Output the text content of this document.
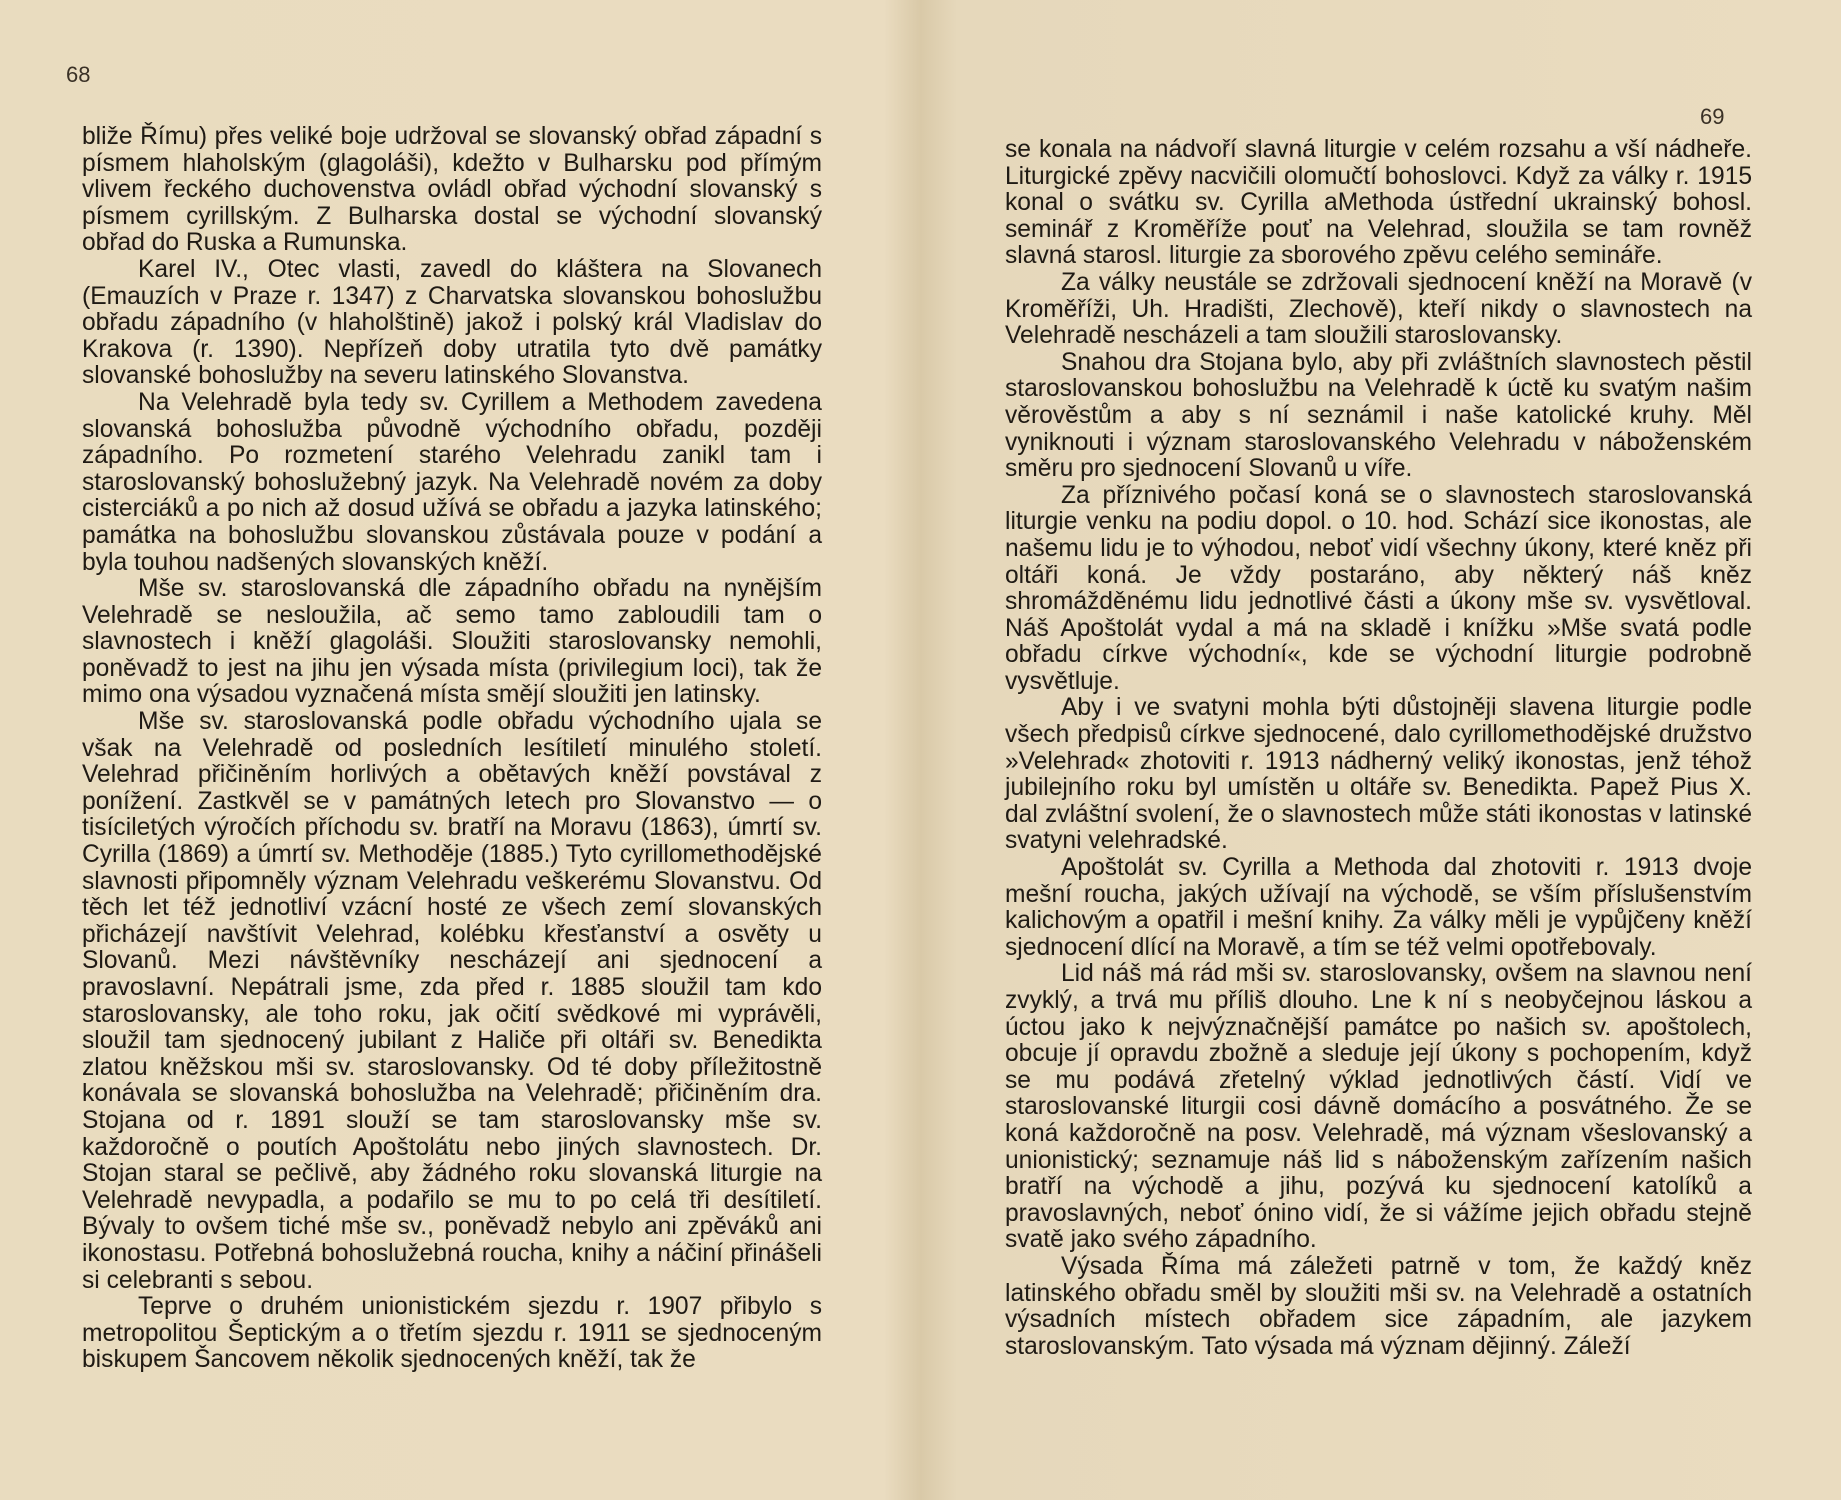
68

bliže Římu) přes veliké boje udržoval se slovanský obřad západní s písmem hlaholským (glagoláši), kdežto v Bulharsku pod přímým vlivem řeckého duchovenstva ovládl obřad východní slovanský s písmem cyrillským. Z Bulharska dostal se východní slovanský obřad do Ruska a Rumunska.

Karel IV., Otec vlasti, zavedl do kláštera na Slovanech (Emauzích v Praze r. 1347) z Charvatska slovanskou bohoslužbu obřadu západního (v hlaholštině) jakož i polský král Vladislav do Krakova (r. 1390). Nepřízeň doby utratila tyto dvě památky slovanské bohoslužby na severu latinského Slovanstva.

Na Velehradě byla tedy sv. Cyrillem a Methodem zavedena slovanská bohoslužba původně východního obřadu, později západního. Po rozmetení starého Velehradu zanikl tam i staroslovanský bohoslužebný jazyk. Na Velehradě novém za doby cisterciáků a po nich až dosud užívá se obřadu a jazyka latinského; památka na bohoslužbu slovanskou zůstávala pouze v podání a byla touhou nadšených slovanských kněží.

Mše sv. staroslovanská dle západního obřadu na nynějším Velehradě se nesloužila, ač semo tamo zabloudili tam o slavnostech i kněží glagoláši. Sloužiti staroslovansky nemohli, poněvadž to jest na jihu jen výsada místa (privilegium loci), tak že mimo ona výsadou vyznačená místa smějí sloužiti jen latinsky.

Mše sv. staroslovanská podle obřadu východního ujala se však na Velehradě od posledních lesítiletí minulého století. Velehrad přičiněním horlivých a obětavých kněží povstával z ponížení. Zastkvěl se v památných letech pro Slovanstvo — o tisíciletých výročích příchodu sv. bratří na Moravu (1863), úmrtí sv. Cyrilla (1869) a úmrtí sv. Methoděje (1885.) Tyto cyrillomethodějské slavnosti připomněly význam Velehradu veškerému Slovanstvu. Od těch let též jednotliví vzácní hosté ze všech zemí slovanských přicházejí navštívit Velehrad, kolébku křesťanství a osvěty u Slovanů. Mezi návštěvníky nescházejí ani sjednocení a pravoslavní. Nepátrali jsme, zda před r. 1885 sloužil tam kdo staroslovansky, ale toho roku, jak očití svědkové mi vyprávěli, sloužil tam sjednocený jubilant z Haliče při oltáři sv. Benedikta zlatou kněžskou mši sv. staroslovansky. Od té doby příležitostně konávala se slovanská bohoslužba na Velehradě; přičiněním dra. Stojana od r. 1891 slouží se tam staroslovansky mše sv. každoročně o poutích Apoštolátu nebo jiných slavnostech. Dr. Stojan staral se pečlivě, aby žádného roku slovanská liturgie na Velehradě nevypadla, a podařilo se mu to po celá tři desítiletí. Bývaly to ovšem tiché mše sv., poněvadž nebylo ani zpěváků ani ikonostasu. Potřebná bohoslužebná roucha, knihy a náčiní přinášeli si celebranti s sebou.

Teprve o druhém unionistickém sjezdu r. 1907 přibylo s metropolitou Šeptickým a o třetím sjezdu r. 1911 se sjednoceným biskupem Šancovem několik sjednocených kněží, tak že

69

se konala na nádvoří slavná liturgie v celém rozsahu a vší nádheře. Liturgické zpěvy nacvičili olomučtí bohoslovci. Když za války r. 1915 konal o svátku sv. Cyrilla aMethoda ústřední ukrainský bohosl. seminář z Kroměříže pouť na Velehrad, sloužila se tam rovněž slavná starosl. liturgie za sborového zpěvu celého semináře.

Za války neustále se zdržovali sjednocení kněží na Moravě (v Kroměříži, Uh. Hradišti, Zlechově), kteří nikdy o slavnostech na Velehradě nescházeli a tam sloužili staroslovansky.

Snahou dra Stojana bylo, aby při zvláštních slavnostech pěstil staroslovanskou bohoslužbu na Velehradě k úctě ku svatým našim věrověstům a aby s ní seznámil i naše katolické kruhy. Měl vyniknouti i význam staroslovanského Velehradu v náboženském směru pro sjednocení Slovanů u víře.

Za příznivého počasí koná se o slavnostech staroslovanská liturgie venku na podiu dopol. o 10. hod. Schází sice ikonostas, ale našemu lidu je to výhodou, neboť vidí všechny úkony, které kněz při oltáři koná. Je vždy postaráno, aby některý náš kněz shromážděnému lidu jednotlivé části a úkony mše sv. vysvětloval. Náš Apoštolát vydal a má na skladě i knížku »Mše svatá podle obřadu církve východní«, kde se východní liturgie podrobně vysvětluje.

Aby i ve svatyni mohla býti důstojněji slavena liturgie podle všech předpisů církve sjednocené, dalo cyrillomethodějské družstvo »Velehrad« zhotoviti r. 1913 nádherný veliký ikonostas, jenž téhož jubilejního roku byl umístěn u oltáře sv. Benedikta. Papež Pius X. dal zvláštní svolení, že o slavnostech může státi ikonostas v latinské svatyni velehradské.

Apoštolát sv. Cyrilla a Methoda dal zhotoviti r. 1913 dvoje mešní roucha, jakých užívají na východě, se vším příslušenstvím kalichovým a opatřil i mešní knihy. Za války měli je vypůjčeny kněží sjednocení dlící na Moravě, a tím se též velmi opotřebovaly.

Lid náš má rád mši sv. staroslovansky, ovšem na slavnou není zvyklý, a trvá mu příliš dlouho. Lne k ní s neobyčejnou láskou a úctou jako k nejvýznačnější památce po našich sv. apoštolech, obcuje jí opravdu zbožně a sleduje její úkony s pochopením, když se mu podává zřetelný výklad jednotlivých částí. Vidí ve staroslovanské liturgii cosi dávně domácího a posvátného. Že se koná každoročně na posv. Velehradě, má význam všeslovanský a unionistický; seznamuje náš lid s náboženským zařízením našich bratří na východě a jihu, pozývá ku sjednocení katolíků a pravoslavných, neboť ónino vidí, že si vážíme jejich obřadu stejně svatě jako svého západního.

Výsada Říma má záležeti patrně v tom, že každý kněz latinského obřadu směl by sloužiti mši sv. na Velehradě a ostatních výsadních místech obřadem sice západním, ale jazykem staroslovanským. Tato výsada má význam dějinný. Záleží
